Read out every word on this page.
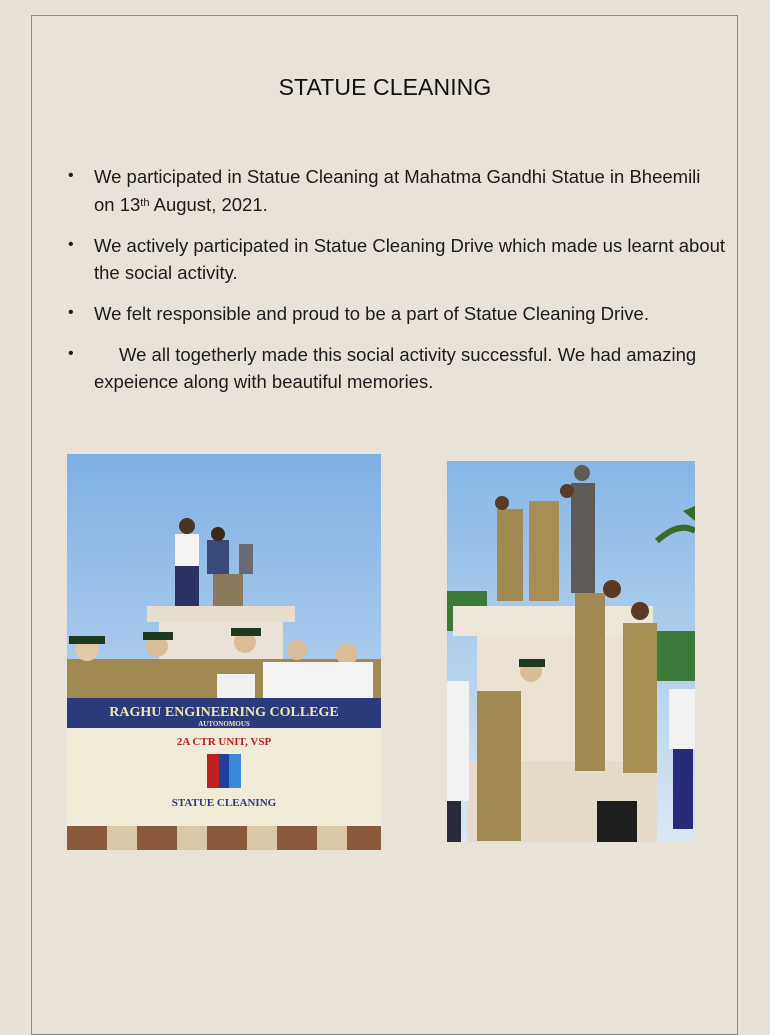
STATUE CLEANING
• We participated in Statue Cleaning at Mahatma Gandhi Statue in Bheemili on 13th August, 2021.
• We actively participated in Statue Cleaning Drive which made us learnt about the social activity.
• We felt responsible and proud to be a part of Statue Cleaning Drive.
• We all togetherly made this social activity successful. We had amazing expeience along with beautiful memories.
RAGHU ENGINEERING COLLEGE
AUTONOMOUS
2A CTR UNIT, VSP
STATUE CLEANING
